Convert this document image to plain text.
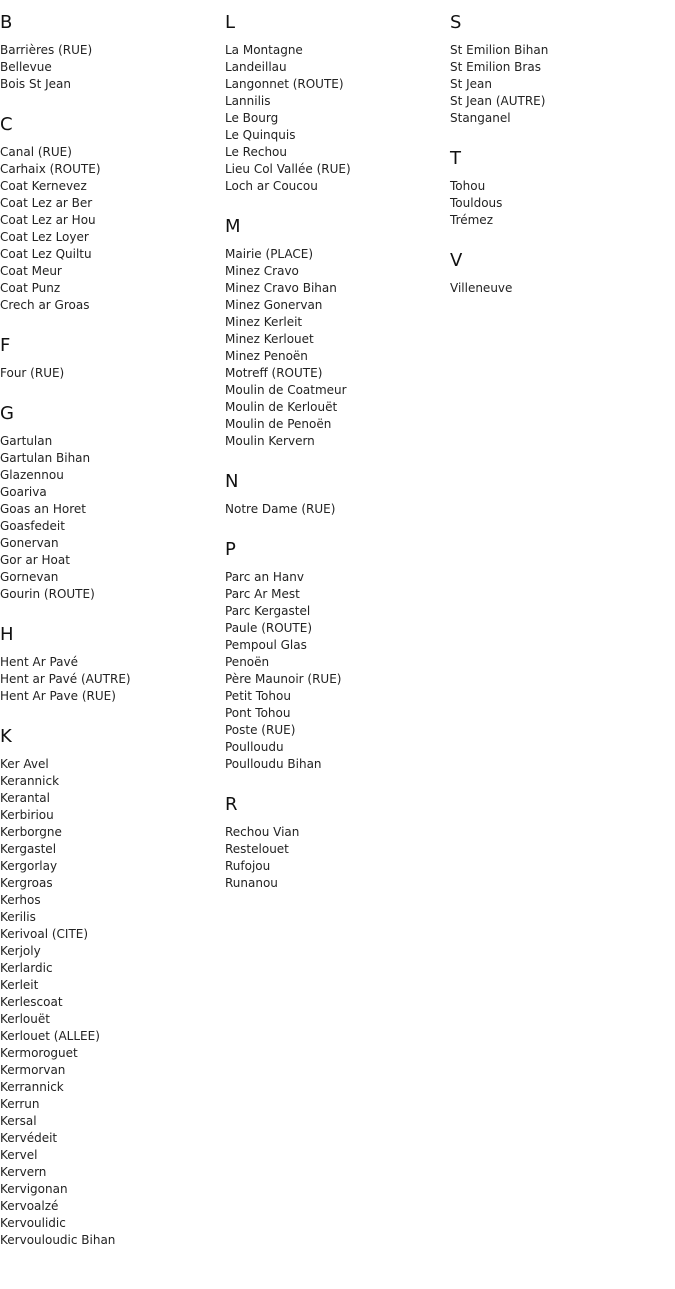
B
Barrières (RUE)
Bellevue
Bois St Jean
C
Canal (RUE)
Carhaix (ROUTE)
Coat Kernevez
Coat Lez ar Ber
Coat Lez ar Hou
Coat Lez Loyer
Coat Lez Quiltu
Coat Meur
Coat Punz
Crech ar Groas
F
Four (RUE)
G
Gartulan
Gartulan Bihan
Glazennou
Goariva
Goas an Horet
Goasfedeit
Gonervan
Gor ar Hoat
Gornevan
Gourin (ROUTE)
H
Hent Ar Pavé
Hent ar Pavé (AUTRE)
Hent Ar Pave (RUE)
K
Ker Avel
Kerannick
Kerantal
Kerbiriou
Kerborgne
Kergastel
Kergorlay
Kergroas
Kerhos
Kerilis
Kerivoal (CITE)
Kerjoly
Kerlardic
Kerleit
Kerlescoat
Kerlouët
Kerlouet (ALLEE)
Kermoroguet
Kermorvan
Kerrannick
Kerrun
Kersal
Kervédeit
Kervel
Kervern
Kervigonan
Kervoalzé
Kervoulidic
Kervouloudic Bihan
L
La Montagne
Landeillau
Langonnet (ROUTE)
Lannilis
Le Bourg
Le Quinquis
Le Rechou
Lieu Col Vallée (RUE)
Loch ar Coucou
M
Mairie (PLACE)
Minez Cravo
Minez Cravo Bihan
Minez Gonervan
Minez Kerleit
Minez Kerlouet
Minez Penoën
Motreff (ROUTE)
Moulin de Coatmeur
Moulin de Kerlouët
Moulin de Penoën
Moulin Kervern
N
Notre Dame (RUE)
P
Parc an Hanv
Parc Ar Mest
Parc Kergastel
Paule (ROUTE)
Pempoul Glas
Penoën
Père Maunoir (RUE)
Petit Tohou
Pont Tohou
Poste (RUE)
Poulloudu
Poulloudu Bihan
R
Rechou Vian
Restelouet
Rufojou
Runanou
S
St Emilion Bihan
St Emilion Bras
St Jean
St Jean (AUTRE)
Stanganel
T
Tohou
Touldous
Trémez
V
Villeneuve
